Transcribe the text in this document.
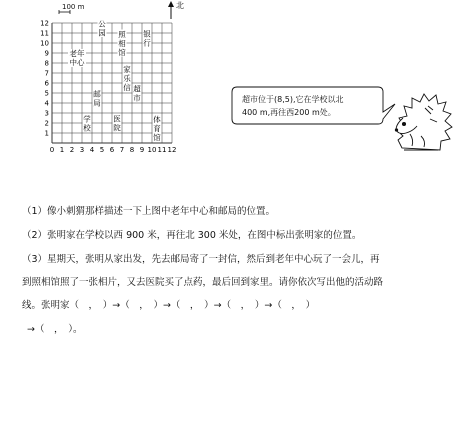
0 1 2 3 4 5 6 7 8 9 10 11 12
1
2
3
4
5
6
7
8
9
10
11
12	公
园 照
相
馆
银
行
老年
中心
家
乐
信 超
市
邮
局
学
校
医
院
体
育
馆
100 m	北
超市位于(8,5),它在学校以北
400 m,再往西200 m处。
（1）像小刺猬那样描述一下上图中老年中心和邮局的位置。
（2）张明家在学校以西 900 米，再往北 300 米处，在图中标出张明家的位置。
（3）星期天，张明从家出发，先去邮局寄了一封信，然后到老年中心玩了一会儿，再
到照相馆照了一张相片，又去医院买了点药，最后回到家里。请你依次写出他的活动路
线。张明家（　，　）→（　，　）→（　，　）→（　，　）→（　，　）
→（　，　）。
